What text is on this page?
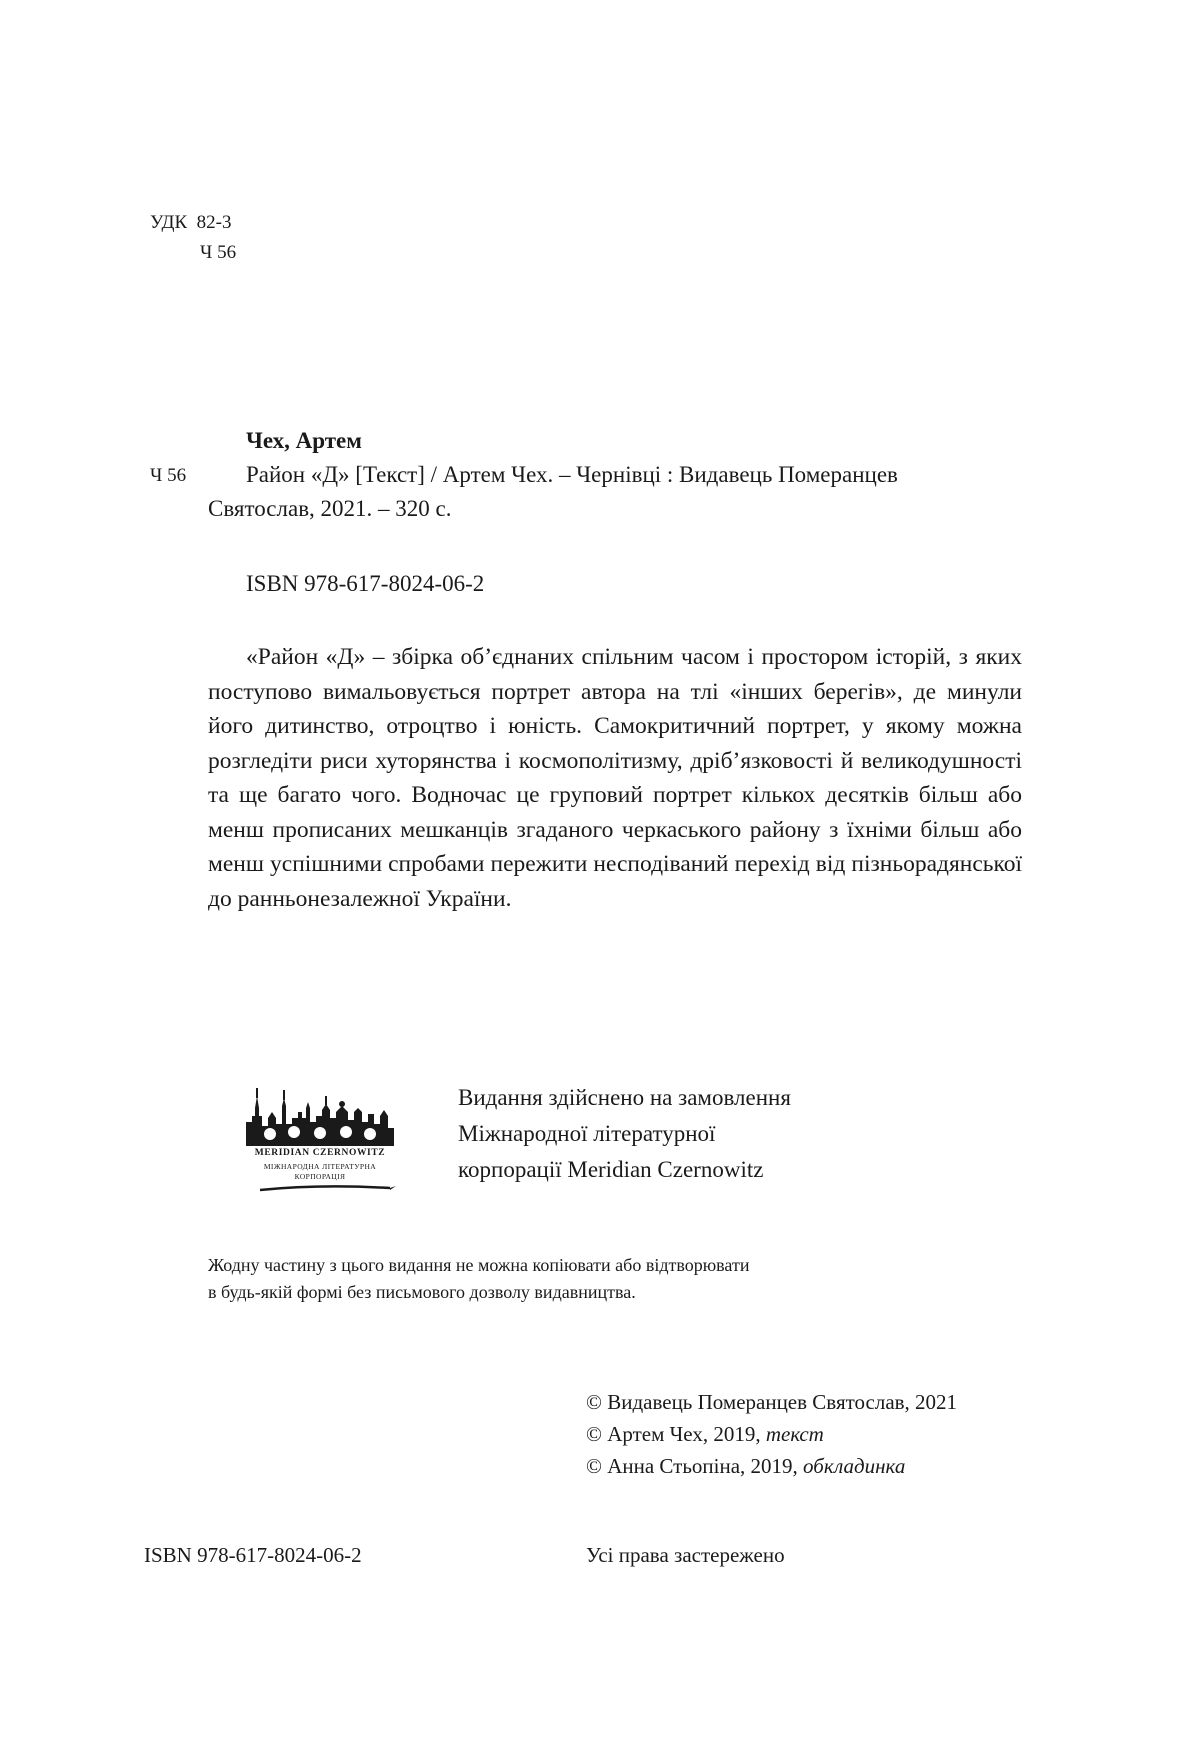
УДК 82-3
Ч 56
Чех, Артем
Ч 56	Район «Д» [Текст] / Артем Чех. – Чернівці : Видавець Померанцев
Святослав, 2021. – 320 с.
ISBN 978-617-8024-06-2

«Район «Д» – збірка об’єднаних спільним часом і простором історій, з яких поступово вимальовується портрет автора на тлі «інших берегів», де минули його дитинство, отроцтво і юність. Самокритичний портрет, у якому можна розгледіти риси хуторянства і космополітизму, дріб’язковості й великодушності та ще багато чого. Водночас це груповий портрет кількох десятків більш або менш прописаних мешканців згаданого черкаського району з їхніми більш або менш успішними спробами пережити несподіваний перехід від пізньорадянської до ранньонезалежної України.

MERIDIAN CZERNOWITZ
МІЖНАРОДНА ЛІТЕРАТУРНА
КОРПОРАЦІЯ
Видання здійснено на замовлення
Міжнародної літературної
корпорації Meridian Czernowitz
Жодну частину з цього видання не можна копіювати або відтворювати
в будь-якій формі без письмового дозволу видавництва.
© Видавець Померанцев Святослав, 2021
© Артем Чех, 2019, текст
© Анна Стьопіна, 2019, обкладинка
ISBN 978-617-8024-06-2	Усі права застережено
